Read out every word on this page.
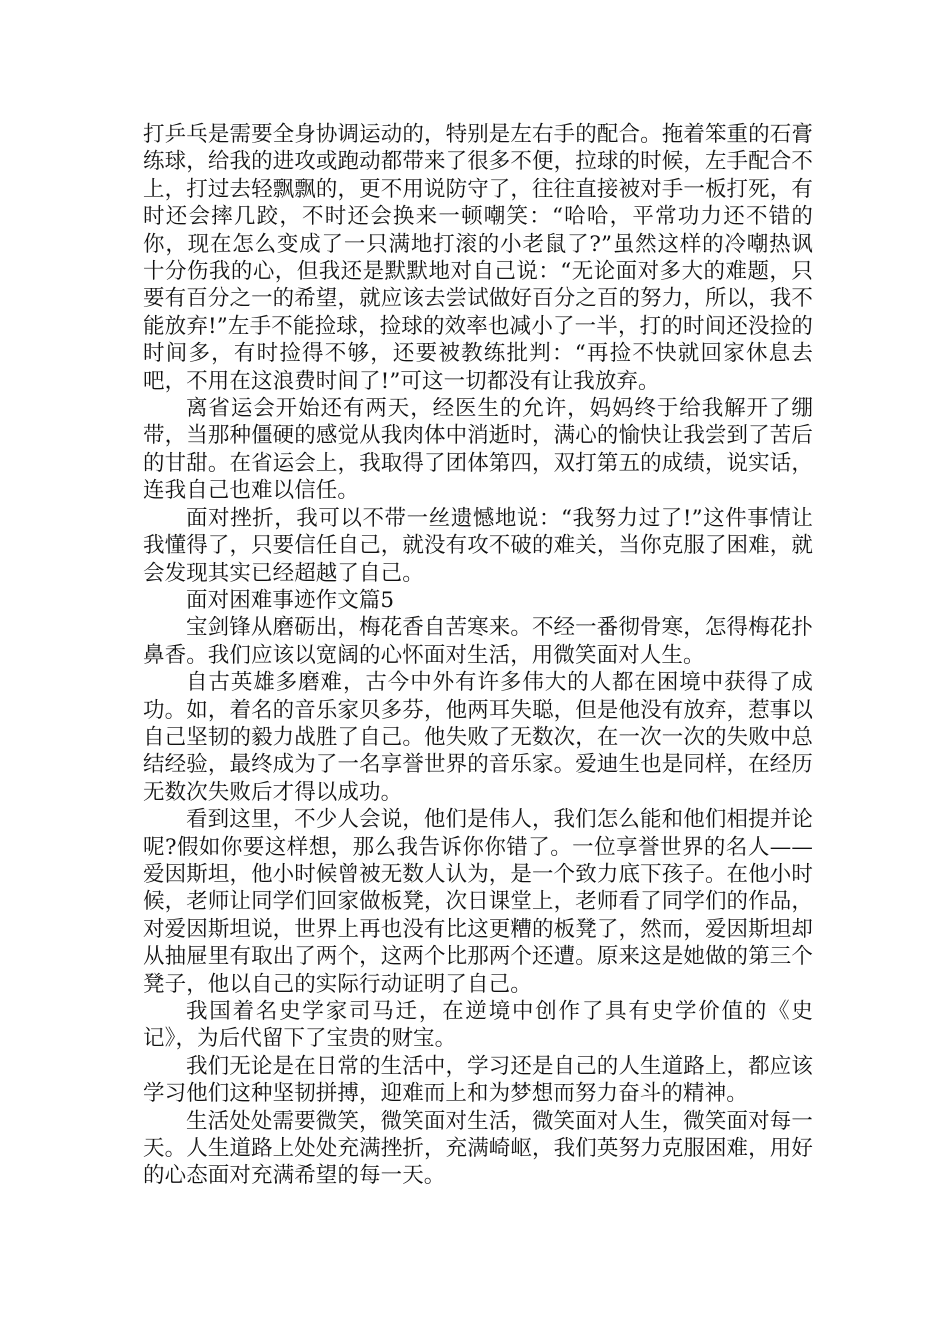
打乒乓是需要全身协调运动的，特别是左右手的配合。拖着笨重的石膏练球，给我的进攻或跑动都带来了很多不便，拉球的时候，左手配合不上，打过去轻飘飘的，更不用说防守了，往往直接被对手一板打死，有时还会摔几跤，不时还会换来一顿嘲笑：“哈哈，平常功力还不错的你，现在怎么变成了一只满地打滚的小老鼠了?”虽然这样的冷嘲热讽十分伤我的心，但我还是默默地对自己说：“无论面对多大的难题，只要有百分之一的希望，就应该去尝试做好百分之百的努力，所以，我不能放弃!”左手不能捡球，捡球的效率也减小了一半，打的时间还没捡的时间多，有时捡得不够，还要被教练批判：“再捡不快就回家休息去吧，不用在这浪费时间了!”可这一切都没有让我放弃。

离省运会开始还有两天，经医生的允许，妈妈终于给我解开了绷带，当那种僵硬的感觉从我肉体中消逝时，满心的愉快让我尝到了苦后的甘甜。在省运会上，我取得了团体第四，双打第五的成绩，说实话，连我自己也难以信任。

面对挫折，我可以不带一丝遗憾地说：“我努力过了!”这件事情让我懂得了，只要信任自己，就没有攻不破的难关，当你克服了困难，就会发现其实已经超越了自己。

面对困难事迹作文篇5

宝剑锋从磨砺出，梅花香自苦寒来。不经一番彻骨寒，怎得梅花扑鼻香。我们应该以宽阔的心怀面对生活，用微笑面对人生。

自古英雄多磨难，古今中外有许多伟大的人都在困境中获得了成功。如，着名的音乐家贝多芬，他两耳失聪，但是他没有放弃，惹事以自己坚韧的毅力战胜了自己。他失败了无数次，在一次一次的失败中总结经验，最终成为了一名享誉世界的音乐家。爱迪生也是同样，在经历无数次失败后才得以成功。

看到这里，不少人会说，他们是伟人，我们怎么能和他们相提并论呢?假如你要这样想，那么我告诉你你错了。一位享誉世界的名人——爱因斯坦，他小时候曾被无数人认为，是一个致力底下孩子。在他小时候，老师让同学们回家做板凳，次日课堂上，老师看了同学们的作品，对爱因斯坦说，世界上再也没有比这更糟的板凳了，然而，爱因斯坦却从抽屉里有取出了两个，这两个比那两个还遭。原来这是她做的第三个凳子，他以自己的实际行动证明了自己。

我国着名史学家司马迁，在逆境中创作了具有史学价值的《史记》，为后代留下了宝贵的财宝。

我们无论是在日常的生活中，学习还是自己的人生道路上，都应该学习他们这种坚韧拼搏，迎难而上和为梦想而努力奋斗的精神。

生活处处需要微笑，微笑面对生活，微笑面对人生，微笑面对每一天。人生道路上处处充满挫折，充满崎岖，我们英努力克服困难，用好的心态面对充满希望的每一天。
